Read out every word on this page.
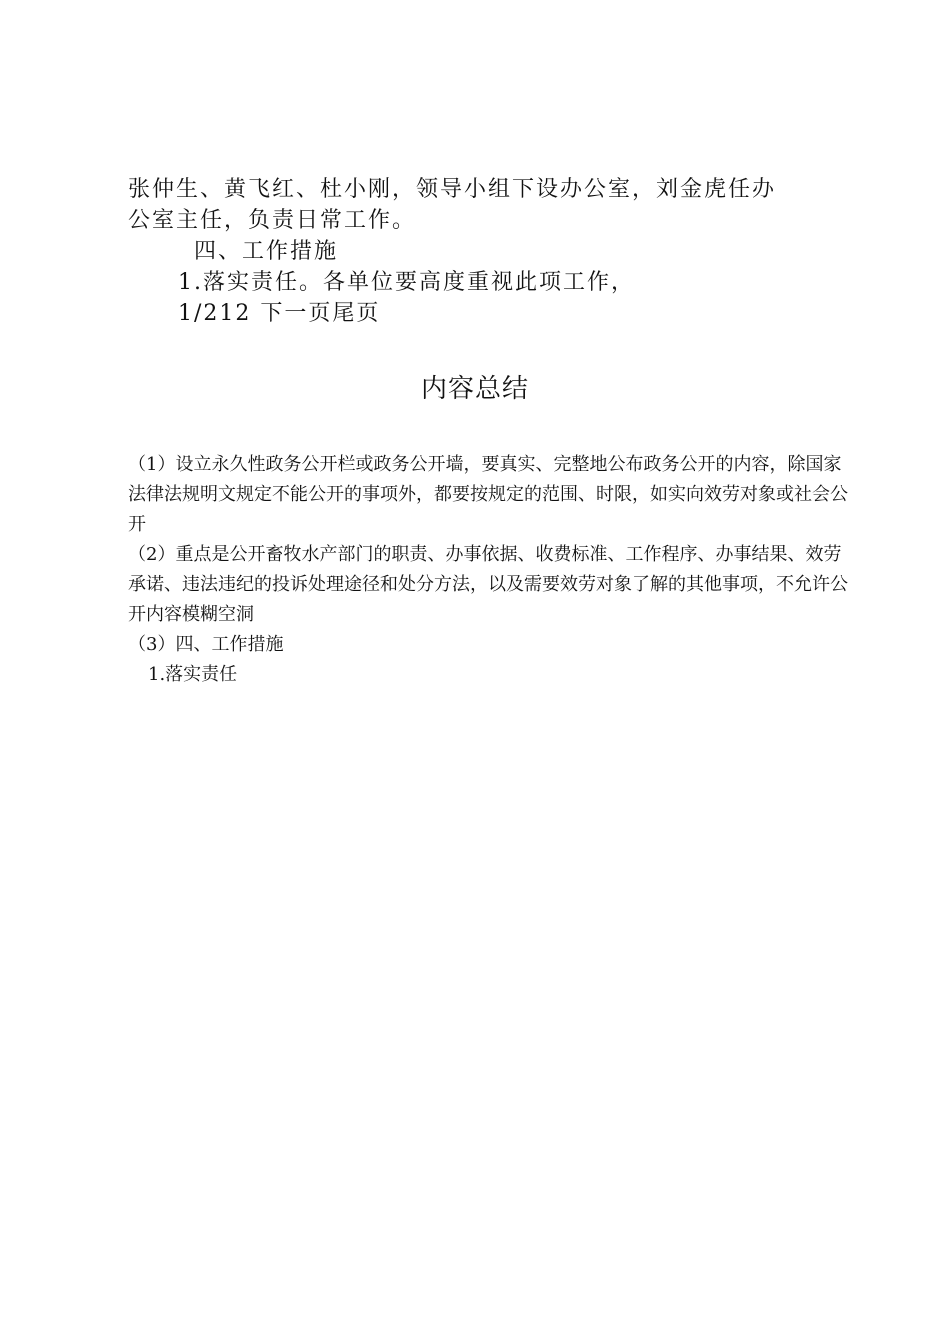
张仲生、黄飞红、杜小刚，领导小组下设办公室，刘金虎任办
公室主任，负责日常工作。
四、工作措施
1.落实责任。各单位要高度重视此项工作，
1/212 下一页尾页
内容总结

（1）设立永久性政务公开栏或政务公开墙，要真实、完整地公布政务公开的内容，除国家法律法规明文规定不能公开的事项外，都要按规定的范围、时限，如实向效劳对象或社会公开

（2）重点是公开畜牧水产部门的职责、办事依据、收费标准、工作程序、办事结果、效劳承诺、违法违纪的投诉处理途径和处分方法，以及需要效劳对象了解的其他事项，不允许公开内容模糊空洞

（3）四、工作措施

1.落实责任
